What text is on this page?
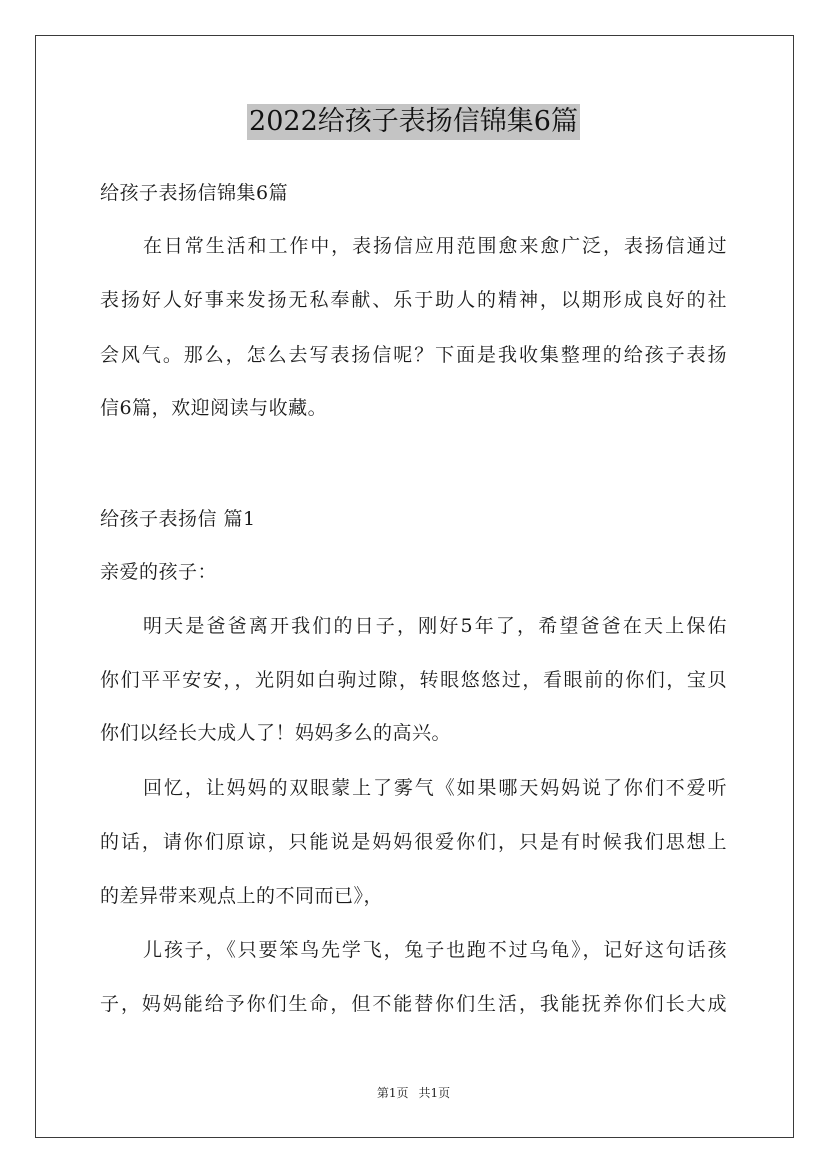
2022给孩子表扬信锦集6篇
给孩子表扬信锦集6篇
在日常生活和工作中，表扬信应用范围愈来愈广泛，表扬信通过
表扬好人好事来发扬无私奉献、乐于助人的精神，以期形成良好的社
会风气。那么，怎么去写表扬信呢？下面是我收集整理的给孩子表扬
信6篇，欢迎阅读与收藏。
给孩子表扬信 篇1
亲爱的孩子：
明天是爸爸离开我们的日子，刚好5年了，希望爸爸在天上保佑
你们平平安安，，光阴如白驹过隙，转眼悠悠过，看眼前的你们，宝贝
你们以经长大成人了！妈妈多么的高兴。
回忆，让妈妈的双眼蒙上了雾气《如果哪天妈妈说了你们不爱听
的话，请你们原谅，只能说是妈妈很爱你们，只是有时候我们思想上
的差异带来观点上的不同而已》，
儿孩子，《只要笨鸟先学飞，兔子也跑不过乌龟》，记好这句话孩
子，妈妈能给予你们生命，但不能替你们生活，我能抚养你们长大成
第1页 共1页
